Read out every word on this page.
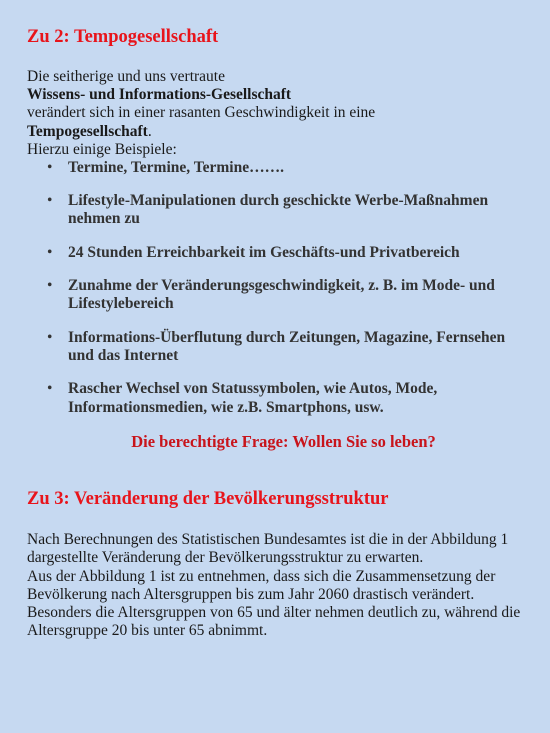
Zu 2: Tempogesellschaft

Die seitherige und uns vertraute

Wissens- und Informations-Gesellschaft

verändert sich in einer rasanten Geschwindigkeit in eine

Tempogesellschaft.

Hierzu einige Beispiele:

• Termine, Termine, Termine…….
• Lifestyle-Manipulationen durch geschickte Werbe-Maßnahmen nehmen zu
• 24 Stunden Erreichbarkeit im Geschäfts-und Privatbereich
• Zunahme der Veränderungsgeschwindigkeit, z. B. im Mode- und Lifestylebereich
• Informations-Überflutung durch Zeitungen, Magazine, Fernsehen und das Internet
• Rascher Wechsel von Statussymbolen, wie Autos, Mode, Informationsmedien, wie z.B. Smartphons, usw.

Die berechtigte Frage: Wollen Sie so leben?

Zu 3: Veränderung der Bevölkerungsstruktur

Nach Berechnungen des Statistischen Bundesamtes ist die in der Abbildung 1 dargestellte Veränderung der Bevölkerungsstruktur zu erwarten.

Aus der Abbildung 1 ist zu entnehmen, dass sich die Zusammensetzung der Bevölkerung nach Altersgruppen bis zum Jahr 2060 drastisch verändert.

Besonders die Altersgruppen von 65 und älter nehmen deutlich zu, während die Altersgruppe 20 bis unter 65 abnimmt.
